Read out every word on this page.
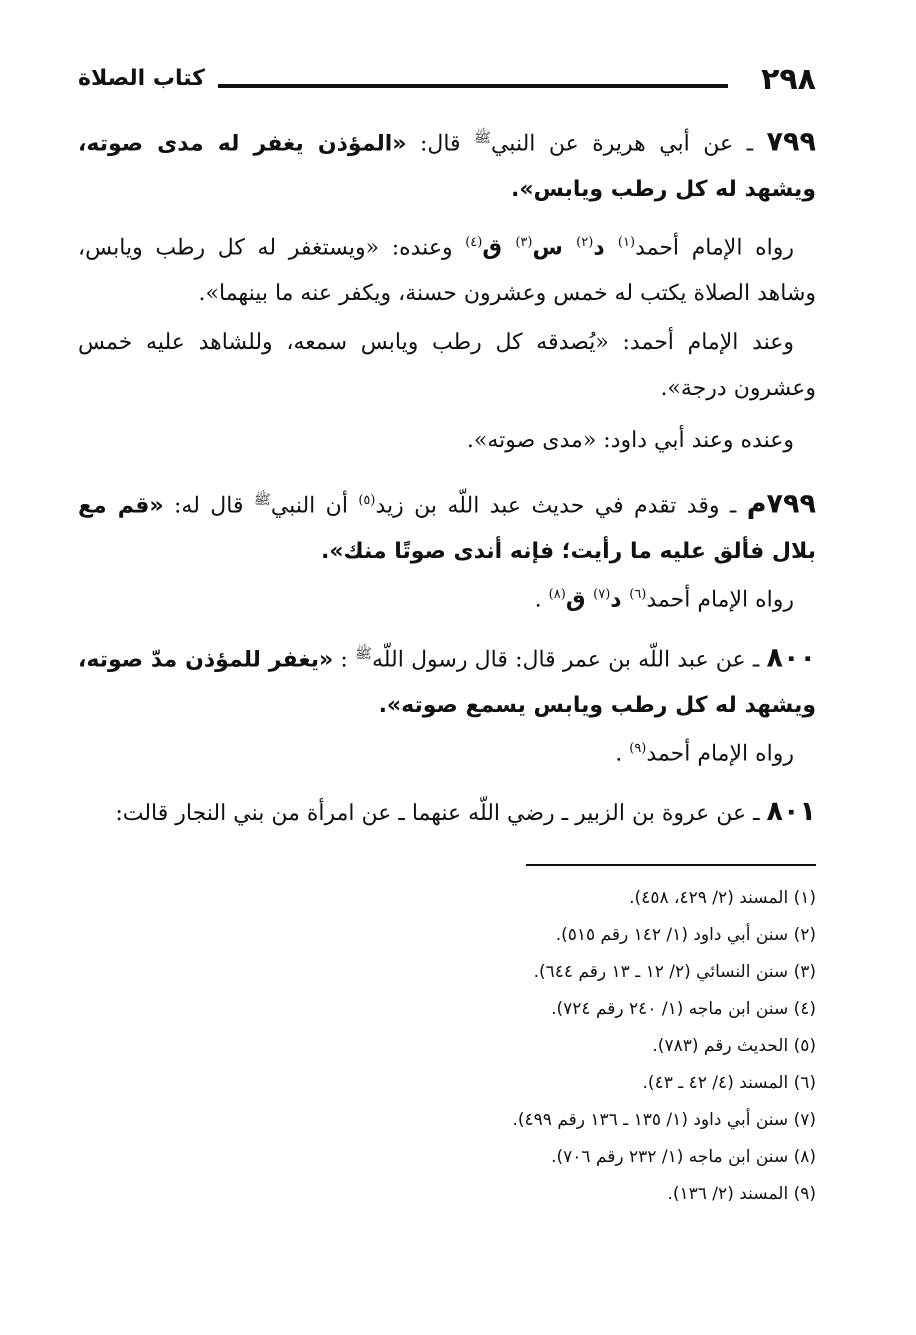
٢٩٨
كتاب الصلاة
٧٩٩ ـ عن أبي هريرة عن النبي$^ﷺ$ قال: «المؤذن يغفر له مدى صوته، ويشهد له كل رطب ويابس».
 رواه الإمام أحمد$^{(١)}$ د$^{(٢)}$ س$^{(٣)}$ ق$^{(٤)}$ وعنده: «ويستغفر له كل رطب ويابس، وشاهد الصلاة يكتب له خمس وعشرون حسنة، ويكفر عنه ما بينهما».
 وعند الإمام أحمد: «يُصدقه كل رطب ويابس سمعه، وللشاهد عليه خمس وعشرون درجة».
 وعنده وعند أبي داود: «مدى صوته».
٧٩٩م ـ وقد تقدم في حديث عبد اللّه بن زيد$^{(٥)}$ أن النبي$^ﷺ$ قال له: «قم مع بلال فألق عليه ما رأيت؛ فإنه أندى صوتًا منك».
 رواه الإمام أحمد$^{(٦)}$ د$^{(٧)}$ ق$^{(٨)}$ .
٨٠٠ ـ عن عبد اللّه بن عمر قال: قال رسول اللّه$^ﷺ$ : «يغفر للمؤذن مدّ صوته، ويشهد له كل رطب ويابس يسمع صوته».
 رواه الإمام أحمد$^{(٩)}$ .
٨٠١ ـ عن عروة بن الزبير ـ رضي اللّه عنهما ـ عن امرأة من بني النجار قالت:
(١) المسند (٢/ ٤٢٩، ٤٥٨).
(٢) سنن أبي داود (١/ ١٤٢ رقم ٥١٥).
(٣) سنن النسائي (٢/ ١٢ ـ ١٣ رقم ٦٤٤).
(٤) سنن ابن ماجه (١/ ٢٤٠ رقم ٧٢٤).
(٥) الحديث رقم (٧٨٣).
(٦) المسند (٤/ ٤٢ ـ ٤٣).
(٧) سنن أبي داود (١/ ١٣٥ ـ ١٣٦ رقم ٤٩٩).
(٨) سنن ابن ماجه (١/ ٢٣٢ رقم ٧٠٦).
(٩) المسند (٢/ ١٣٦).
